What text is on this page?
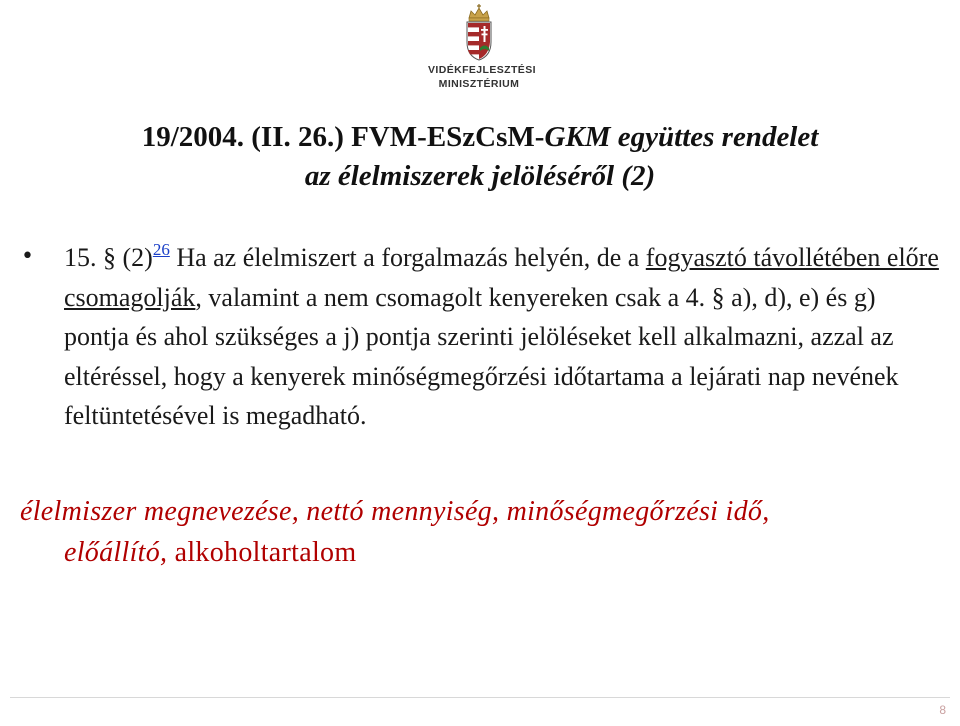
VIDÉKFEJLESZTÉSI
MINISZTÉRIUM
19/2004. (II. 26.) FVM-ESzCsM-GKM együttes rendelet
az élelmiszerek jelöléséről (2)
• 15. § $(2)^{26}$ Ha az élelmiszert a forgalmazás helyén, de a fogyasztó távollétében előre csomagolják, valamint a nem csomagolt kenyereken csak a 4. § a), d), e) és g) pontja és ahol szükséges a j) pontja szerinti jelöléseket kell alkalmazni, azzal az eltéréssel, hogy a kenyerek minőségmegőrzési időtartama a lejárati nap nevének feltüntetésével is megadható.
élelmiszer megnevezése, nettó mennyiség, minőségmegőrzési idő,
előállító, alkoholtartalom
8
